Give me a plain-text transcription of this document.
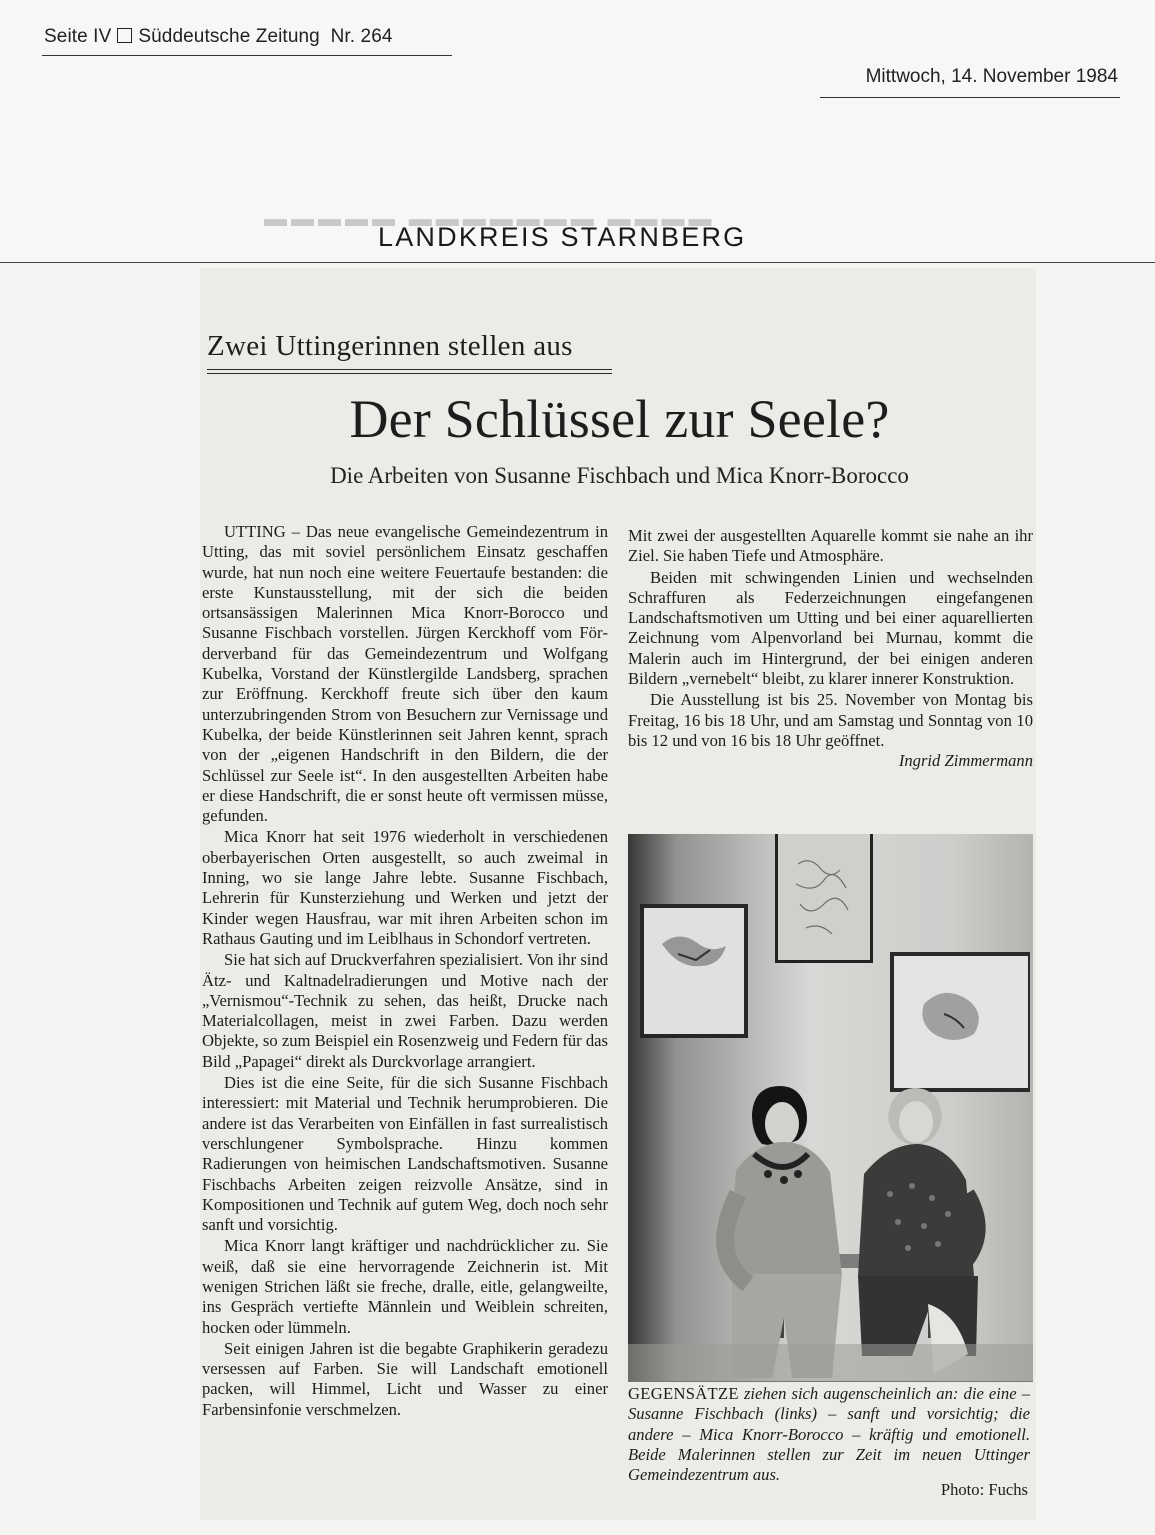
▬▬▬▬ ▬▬▬▬▬▬▬ ▬▬▬▬▬
Seite IV Süddeutsche Zeitung Nr. 264
Mittwoch, 14. November 1984
LANDKREIS STARNBERG
Zwei Uttingerinnen stellen aus
Der Schlüssel zur Seele?
Die Arbeiten von Susanne Fischbach und Mica Knorr-Borocco

UTTING – Das neue evangelische Gemeindezentrum in Utting, das mit soviel persönlichem Einsatz geschaffen wurde, hat nun noch eine weitere Feuertaufe bestanden: die erste Kunstausstellung, mit der sich die beiden ortsansässigen Malerinnen Mica Knorr-Borocco und Susanne Fischbach vorstellen. Jürgen Kerckhoff vom Förderverband für das Gemeindezentrum und Wolfgang Kubelka, Vorstand der Künstlergilde Landsberg, sprachen zur Eröffnung. Kerckhoff freute sich über den kaum unterzubringenden Strom von Besuchern zur Vernissage und Kubelka, der beide Künstlerinnen seit Jahren kennt, sprach von der „eigenen Handschrift in den Bildern, die der Schlüssel zur Seele ist“. In den ausgestellten Arbeiten habe er diese Handschrift, die er sonst heute oft vermissen müsse, gefunden.

Mica Knorr hat seit 1976 wiederholt in verschiedenen oberbayerischen Orten ausgestellt, so auch zweimal in Inning, wo sie lange Jahre lebte. Susanne Fischbach, Lehrerin für Kunsterziehung und Werken und jetzt der Kinder wegen Hausfrau, war mit ihren Arbeiten schon im Rathaus Gauting und im Leiblhaus in Schondorf vertreten.

Sie hat sich auf Druckverfahren spezialisiert. Von ihr sind Ätz- und Kaltnadelradierungen und Motive nach der „Vernismou“-Technik zu sehen, das heißt, Drucke nach Materialcollagen, meist in zwei Farben. Dazu werden Objekte, so zum Beispiel ein Rosenzweig und Federn für das Bild „Papagei“ direkt als Durckvorlage arrangiert.

Dies ist die eine Seite, für die sich Susanne Fischbach interessiert: mit Material und Technik herumprobieren. Die andere ist das Verarbeiten von Einfällen in fast surrealistisch verschlungener Symbolsprache. Hinzu kommen Radierungen von heimischen Landschaftsmotiven. Susanne Fischbachs Arbeiten zeigen reizvolle Ansätze, sind in Kompositionen und Technik auf gutem Weg, doch noch sehr sanft und vorsichtig.

Mica Knorr langt kräftiger und nachdrücklicher zu. Sie weiß, daß sie eine hervorragende Zeichnerin ist. Mit wenigen Strichen läßt sie freche, dralle, eitle, gelangweilte, ins Gespräch vertiefte Männlein und Weiblein schreiten, hocken oder lümmeln.

Seit einigen Jahren ist die begabte Graphikerin geradezu versessen auf Farben. Sie will Landschaft emotionell packen, will Himmel, Licht und Wasser zu einer Farbensinfonie verschmelzen.

Mit zwei der ausgestellten Aquarelle kommt sie nahe an ihr Ziel. Sie haben Tiefe und Atmosphäre.

Beiden mit schwingenden Linien und wechselnden Schraffuren als Federzeichnungen eingefangenen Landschaftsmotiven um Utting und bei einer aquarellierten Zeichnung vom Alpenvorland bei Murnau, kommt die Malerin auch im Hintergrund, der bei einigen anderen Bildern „vernebelt“ bleibt, zu klarer innerer Konstruktion.

Die Ausstellung ist bis 25. November von Montag bis Freitag, 16 bis 18 Uhr, und am Samstag und Sonntag von 10 bis 12 und von 16 bis 18 Uhr geöffnet.

Ingrid Zimmermann
GEGENSÄTZE ziehen sich augenscheinlich an: die eine – Susanne Fischbach (links) – sanft und vorsichtig; die andere – Mica Knorr-Borocco – kräftig und emotionell. Beide Malerinnen stellen zur Zeit im neuen Uttinger Gemeindezentrum aus.
Photo: Fuchs
